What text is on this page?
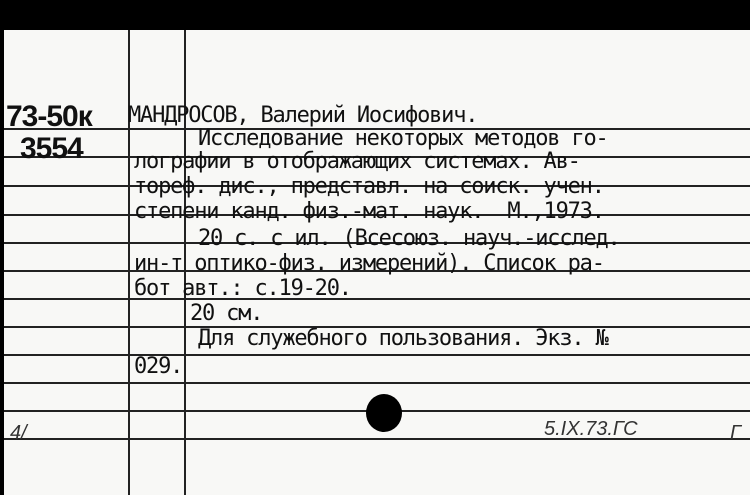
73-50к
3554
МАНДРОСОВ, Валерий Иосифович.
Исследование некоторых методов го-
лографии в отображающих системах. Ав-
тореф. дис., представл. на соиск. учен.
степени канд. физ.-мат. наук.  М.,1973.
20 с. с ил. (Всесоюз. науч.-исслед.
ин-т оптико-физ. измерений). Список ра-
бот авт.: с.19-20.
20 см.
Для служебного пользования. Экз. №
029.
4/	5.IX.73.ГС	Г
